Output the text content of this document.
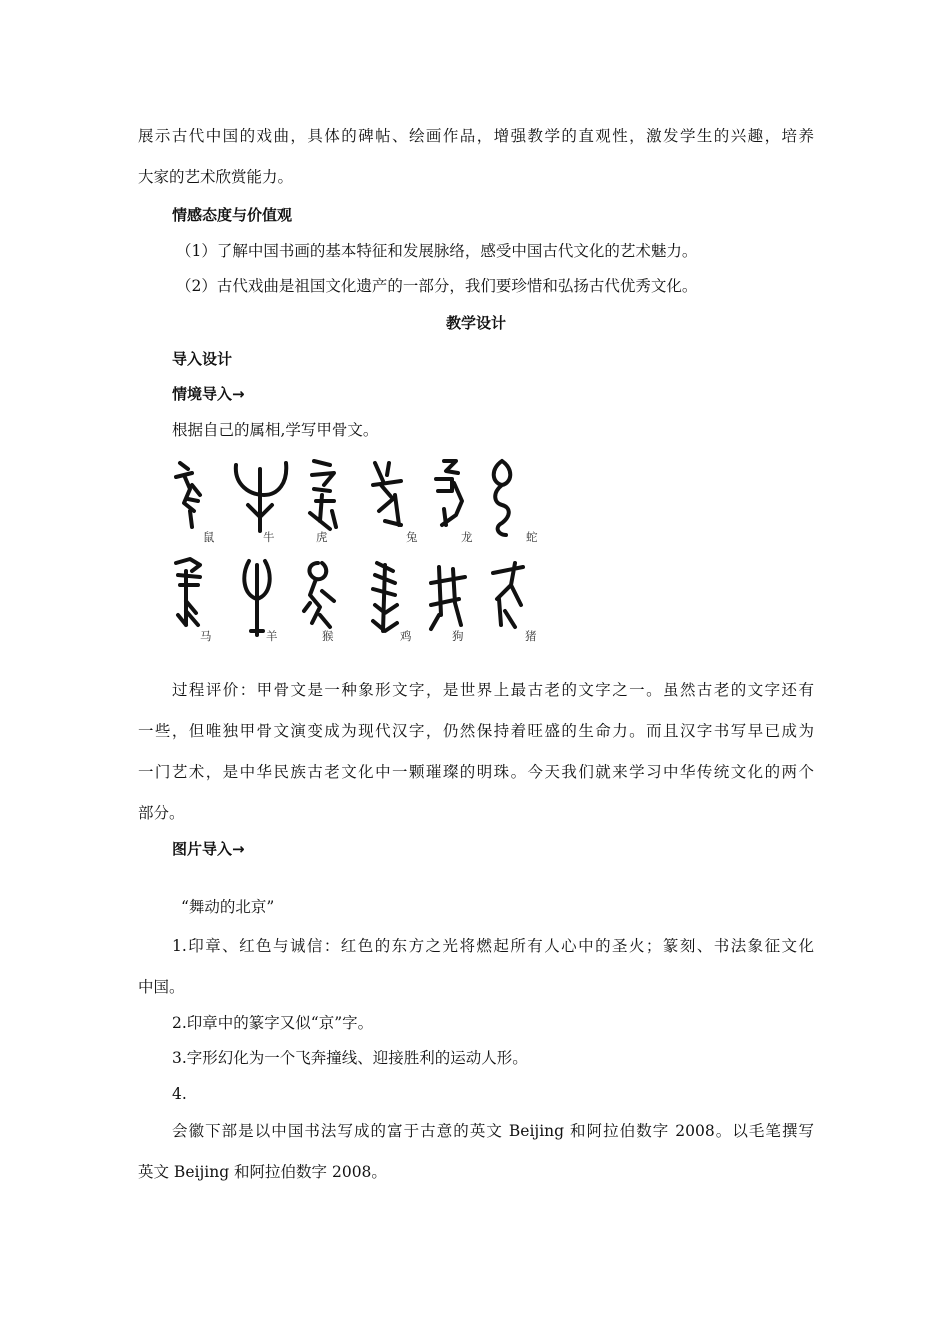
展示古代中国的戏曲，具体的碑帖、绘画作品，增强教学的直观性，激发学生的兴趣，培养
大家的艺术欣赏能力。
情感态度与价值观
（1）了解中国书画的基本特征和发展脉络，感受中国古代文化的艺术魅力。
（2）古代戏曲是祖国文化遗产的一部分，我们要珍惜和弘扬古代优秀文化。
教学设计
导入设计
情境导入→
根据自己的属相,学写甲骨文。
鼠	牛	虎	兔	龙	蛇
马	羊	猴	鸡	狗	猪
过程评价：甲骨文是一种象形文字，是世界上最古老的文字之一。虽然古老的文字还有
一些，但唯独甲骨文演变成为现代汉字，仍然保持着旺盛的生命力。而且汉字书写早已成为
一门艺术，是中华民族古老文化中一颗璀璨的明珠。今天我们就来学习中华传统文化的两个
部分。
图片导入→
“舞动的北京”
1.印章、红色与诚信：红色的东方之光将燃起所有人心中的圣火；篆刻、书法象征文化
中国。
2.印章中的篆字又似“京”字。
3.字形幻化为一个飞奔撞线、迎接胜利的运动人形。
4.
会徽下部是以中国书法写成的富于古意的英文 Beijing 和阿拉伯数字 2008。以毛笔撰写
英文 Beijing 和阿拉伯数字 2008。
